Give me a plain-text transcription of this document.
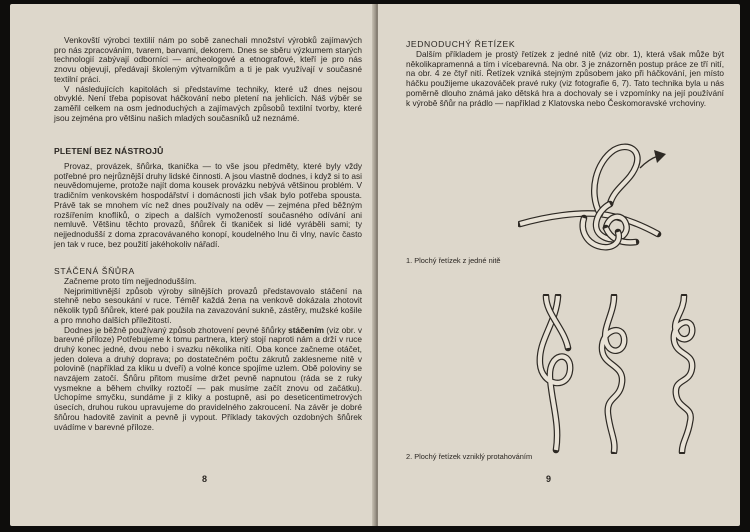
Venkovští výrobci textilií nám po sobě zanechali množství výrobků zajímavých pro nás zpracováním, tvarem, barvami, dekorem. Dnes se sběru výzkumem starých technologií zabývají odborníci — archeologové a etnografové, kteří je pro nás znovu objevují, předávají školeným výtvarníkům a ti je pak využívají v současné textilní práci.

V následujících kapitolách si představíme techniky, které už dnes nejsou obvyklé. Není třeba popisovat háčkování nebo pletení na jehlicích. Náš výběr se zaměřil celkem na osm jednoduchých a zajímavých způsobů textilní tvorby, které jsou zejména pro většinu našich mladých současníků už neznámé.

PLETENÍ BEZ NÁSTROJŮ

Provaz, provázek, šňůrka, tkanička — to vše jsou předměty, které byly vždy potřebné pro nejrůznější druhy lidské činnosti. A jsou vlastně dodnes, i když si to asi neuvědomujeme, protože najít doma kousek provázku nebývá většinou problém. V tradičním venkovském hospodářství i domácnosti jich však bylo potřeba spousta. Právě tak se mnohem víc než dnes používaly na oděv — zejména před běžným rozšířením knoflíků, o zipech a dalších vymožeností současného odívání ani nemluvě. Většinu těchto provazů, šňůrek či tkaniček si lidé vyráběli sami; ty nejjednodušší z doma zpracovávaného konopí, koudelného lnu či vlny, navíc často jen tak v ruce, bez použití jakéhokoliv nářadí.

STÁČENÁ ŠŇŮRA

Začneme proto tím nejjednodušším.

Nejprimitivnější způsob výroby silnějších provazů představovalo stáčení na stehně nebo sesoukání v ruce. Téměř každá žena na venkově dokázala zhotovit několik typů šňůrek, které pak použila na zavazování sukně, zástěry, mužské košile a pro mnoho dalších příležitostí.

Dodnes je běžně používaný způsob zhotovení pevné šňůrky stáčením (viz obr. v barevné příloze) Potřebujeme k tomu partnera, který stojí naproti nám a drží v ruce druhý konec jedné, dvou nebo i svazku několika nití. Oba konce začneme otáčet, jeden doleva a druhý doprava; po dostatečném počtu zákrutů zaklesneme nitě v polovině (například za kliku u dveří) a volné konce spojíme uzlem. Obě poloviny se navzájem zatočí. Šňůru přitom musíme držet pevně napnutou (ráda se z ruky vysmekne a během chvilky roztočí — pak musíme začít znovu od začátku). Uchopíme smyčku, sundáme ji z kliky a postupně, asi po deseticentimetrových úsecích, druhou rukou upravujeme do pravidelného zakroucení. Na závěr je dobré šňůrou hadovitě zavinit a pevně ji vypout. Příklady takových ozdobných šňůrek uvádíme v barevné příloze.

8
JEDNODUCHÝ ŘETÍZEK

Dalším příkladem je prostý řetízek z jedné nitě (viz obr. 1), která však může být několikapramenná a tím i vícebarevná. Na obr. 3 je znázorněn postup práce ze tří nití, na obr. 4 ze čtyř nití. Řetízek vzniká stejným způsobem jako při háčkování, jen místo háčku použijeme ukazováček pravé ruky (viz fotografie 6, 7). Tato technika byla u nás poměrně dlouho známá jako dětská hra a dochovaly se i vzpomínky na její používání k výrobě šňůr na prádlo — například z Klatovska nebo Českomoravské vrchoviny.

1. Plochý řetízek z jedné nitě
2. Plochý řetízek vzniklý protahováním
9
